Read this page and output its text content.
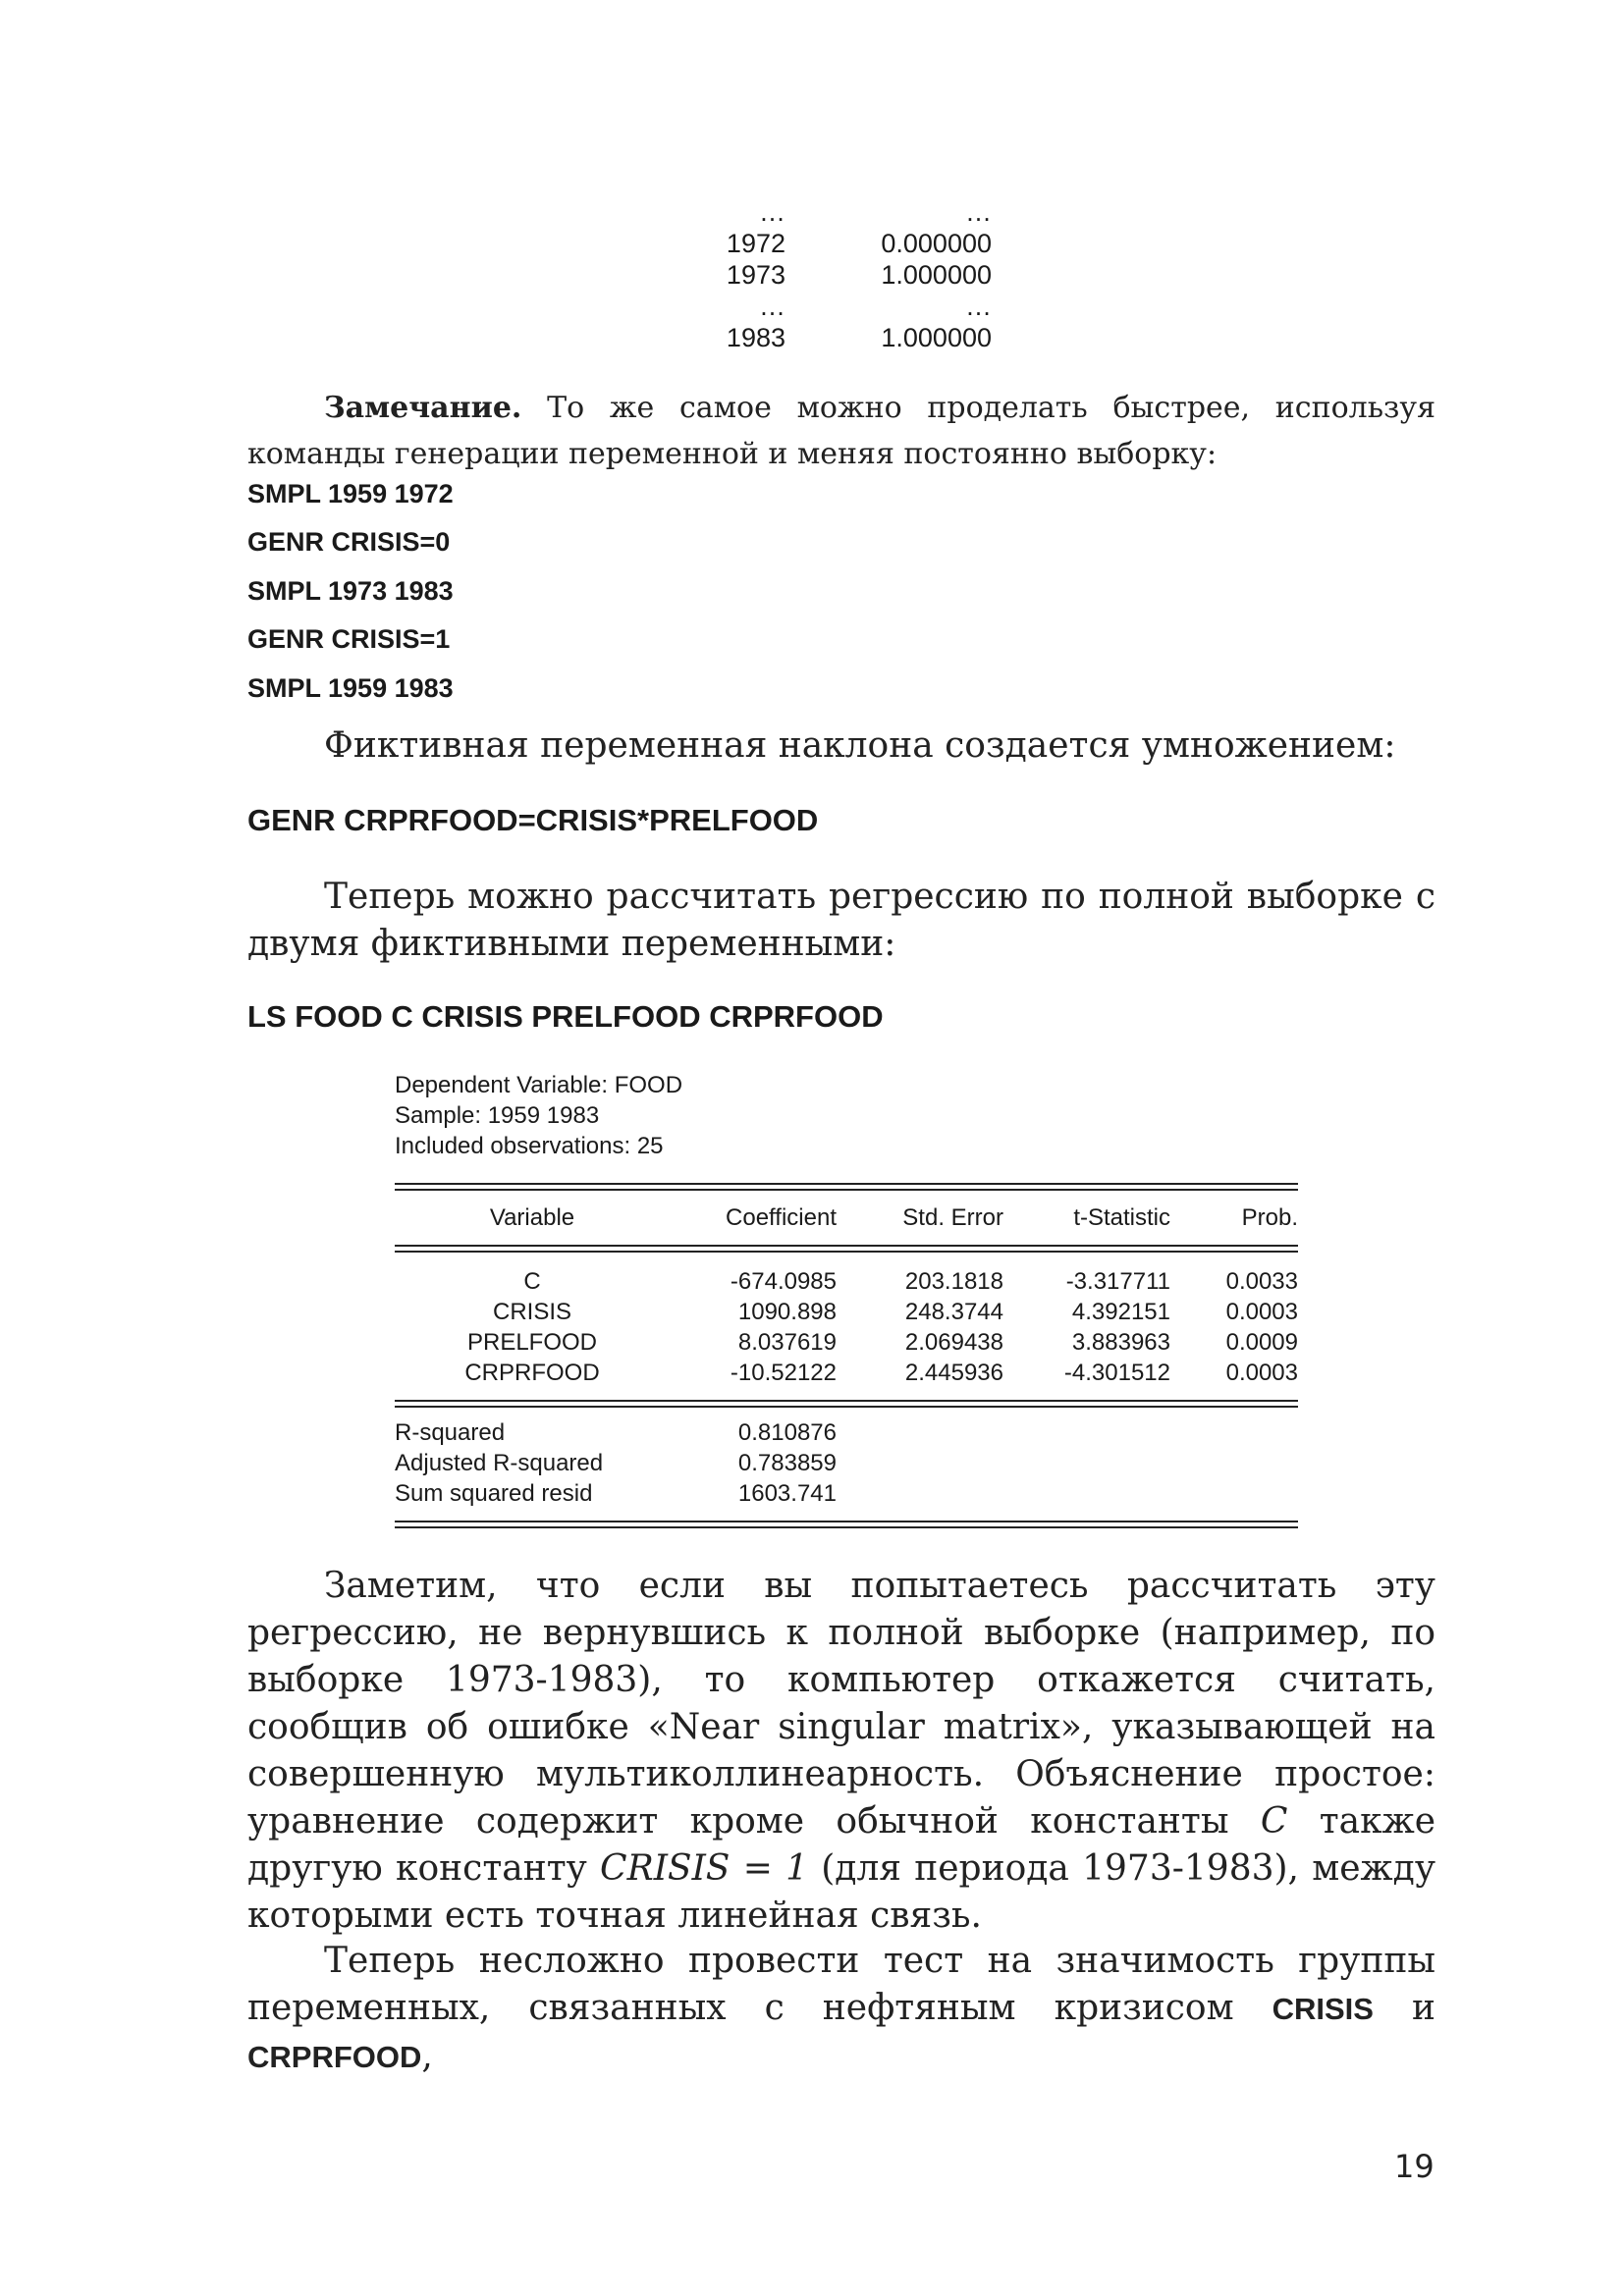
…	…
1972	0.000000
1973	1.000000
…	…
1983	1.000000
Замечание. То же самое можно проделать быстрее, используя команды генерации переменной и меняя постоянно выборку:
SMPL 1959 1972
GENR CRISIS=0
SMPL 1973 1983
GENR CRISIS=1
SMPL 1959 1983
Фиктивная переменная наклона создается умножением:
GENR CRPRFOOD=CRISIS*PRELFOOD
Теперь можно рассчитать регрессию по полной выборке с двумя фиктивными переменными:
LS FOOD C CRISIS PRELFOOD CRPRFOOD
Dependent Variable: FOOD
Sample: 1959 1983
Included observations: 25
Variable	Coefficient	Std. Error	t-Statistic	Prob.
C	-674.0985	203.1818	-3.317711	0.0033
CRISIS	1090.898	248.3744	4.392151	0.0003
PRELFOOD	8.037619	2.069438	3.883963	0.0009
CRPRFOOD	-10.52122	2.445936	-4.301512	0.0003
R-squared	0.810876
Adjusted R-squared	0.783859
Sum squared resid	1603.741
Заметим, что если вы попытаетесь рассчитать эту регрессию, не вернувшись к полной выборке (например, по выборке 1973-1983), то компьютер откажется считать, сообщив об ошибке «Near singular matrix», указывающей на совершенную мультиколлинеарность. Объяснение простое: уравнение содержит кроме обычной константы C также другую константу CRISIS = 1 (для периода 1973-1983), между которыми есть точная линейная связь.
Теперь несложно провести тест на значимость группы переменных, связанных с нефтяным кризисом CRISIS и CRPRFOOD,
19
